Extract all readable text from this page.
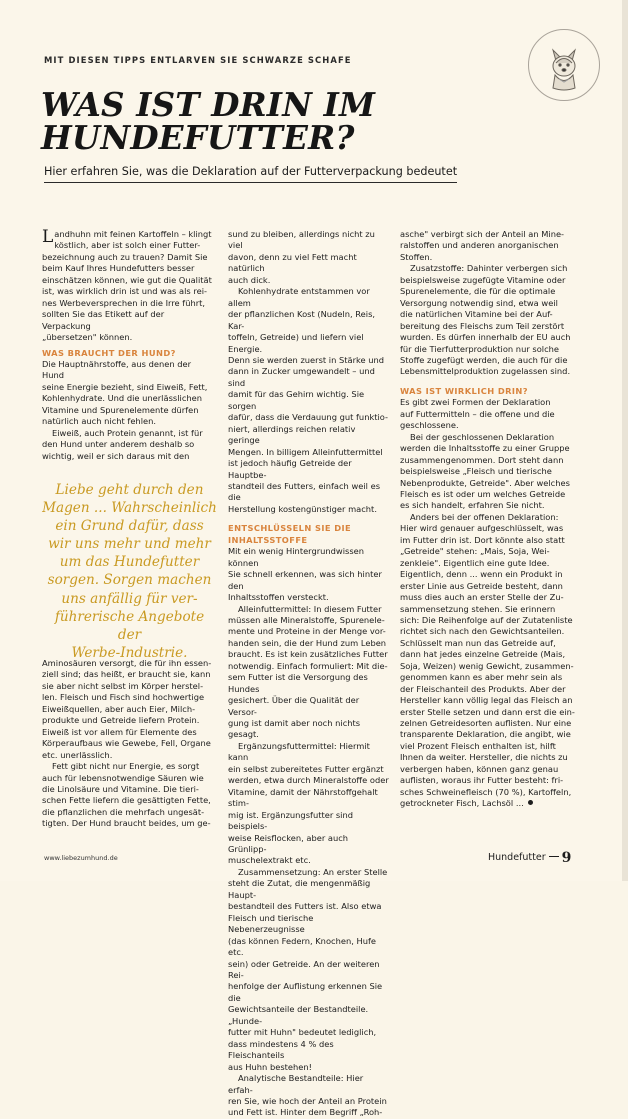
MIT DIESEN TIPPS ENTLARVEN SIE SCHWARZE SCHAFE
WAS IST DRIN IM
HUNDEFUTTER?
Hier erfahren Sie, was die Deklaration auf der Futterverpackung bedeutet

L andhuhn mit feinen Kartoffeln – klingt
köstlich, aber ist solch einer Futter-
bezeichnung auch zu trauen? Damit Sie
beim Kauf Ihres Hundefutters besser
einschätzen können, wie gut die Qualität
ist, was wirklich drin ist und was als rei-
nes Werbeversprechen in die Irre führt,
sollten Sie das Etikett auf der Verpackung
„übersetzen" können.

WAS BRAUCHT DER HUND?

Die Hauptnährstoffe, aus denen der Hund
seine Energie bezieht, sind Eiweiß, Fett,
Kohlenhydrate. Und die unerlässlichen
Vitamine und Spurenelemente dürfen
natürlich auch nicht fehlen.

Eiweiß, auch Protein genannt, ist für
den Hund unter anderem deshalb so
wichtig, weil er sich daraus mit den

Liebe geht durch den
Magen ... Wahrscheinlich
ein Grund dafür, dass
wir uns mehr und mehr
um das Hundefutter
sorgen. Sorgen machen
uns anfällig für ver-
führerische Angebote der
Werbe-Industrie.

Aminosäuren versorgt, die für ihn essen-
ziell sind; das heißt, er braucht sie, kann
sie aber nicht selbst im Körper herstel-
len. Fleisch und Fisch sind hochwertige
Eiweißquellen, aber auch Eier, Milch-
produkte und Getreide liefern Protein.
Eiweiß ist vor allem für Elemente des
Körperaufbaus wie Gewebe, Fell, Organe
etc. unerlässlich.

Fett gibt nicht nur Energie, es sorgt
auch für lebensnotwendige Säuren wie
die Linolsäure und Vitamine. Die tieri-
schen Fette liefern die gesättigten Fette,
die pflanzlichen die mehrfach ungesät-
tigten. Der Hund braucht beides, um ge-

sund zu bleiben, allerdings nicht zu viel
davon, denn zu viel Fett macht natürlich
auch dick.

Kohlenhydrate entstammen vor allem
der pflanzlichen Kost (Nudeln, Reis, Kar-
toffeln, Getreide) und liefern viel Energie.
Denn sie werden zuerst in Stärke und
dann in Zucker umgewandelt – und sind
damit für das Gehirn wichtig. Sie sorgen
dafür, dass die Verdauung gut funktio-
niert, allerdings reichen relativ geringe
Mengen. In billigem Alleinfuttermittel
ist jedoch häufig Getreide der Hauptbe-
standteil des Futters, einfach weil es die
Herstellung kostengünstiger macht.

ENTSCHLÜSSELN SIE DIE
INHALTSSTOFFE

Mit ein wenig Hintergrundwissen können
Sie schnell erkennen, was sich hinter den
Inhaltsstoffen versteckt.

Alleinfuttermittel: In diesem Futter
müssen alle Mineralstoffe, Spurenele-
mente und Proteine in der Menge vor-
handen sein, die der Hund zum Leben
braucht. Es ist kein zusätzliches Futter
notwendig. Einfach formuliert: Mit die-
sem Futter ist die Versorgung des Hundes
gesichert. Über die Qualität der Versor-
gung ist damit aber noch nichts gesagt.

Ergänzungsfuttermittel: Hiermit kann
ein selbst zubereitetes Futter ergänzt
werden, etwa durch Mineralstoffe oder
Vitamine, damit der Nährstoffgehalt stim-
mig ist. Ergänzungsfutter sind beispiels-
weise Reisflocken, aber auch Grünlipp-
muschelextrakt etc.

Zusammensetzung: An erster Stelle
steht die Zutat, die mengenmäßig Haupt-
bestandteil des Futters ist. Also etwa
Fleisch und tierische Nebenerzeugnisse
(das können Federn, Knochen, Hufe etc.
sein) oder Getreide. An der weiteren Rei-
henfolge der Auflistung erkennen Sie die
Gewichtsanteile der Bestandteile. „Hunde-
futter mit Huhn" bedeutet lediglich,
dass mindestens 4 % des Fleischanteils
aus Huhn bestehen!

Analytische Bestandteile: Hier erfah-
ren Sie, wie hoch der Anteil an Protein
und Fett ist. Hinter dem Begriff „Roh-

asche" verbirgt sich der Anteil an Mine-
ralstoffen und anderen anorganischen
Stoffen.

Zusatzstoffe: Dahinter verbergen sich
beispielsweise zugefügte Vitamine oder
Spurenelemente, die für die optimale
Versorgung notwendig sind, etwa weil
die natürlichen Vitamine bei der Auf-
bereitung des Fleischs zum Teil zerstört
wurden. Es dürfen innerhalb der EU auch
für die Tierfutterproduktion nur solche
Stoffe zugefügt werden, die auch für die
Lebensmittelproduktion zugelassen sind.

WAS IST WIRKLICH DRIN?

Es gibt zwei Formen der Deklaration
auf Futtermitteln – die offene und die
geschlossene.

Bei der geschlossenen Deklaration
werden die Inhaltsstoffe zu einer Gruppe
zusammengenommen. Dort steht dann
beispielsweise „Fleisch und tierische
Nebenprodukte, Getreide". Aber welches
Fleisch es ist oder um welches Getreide
es sich handelt, erfahren Sie nicht.

Anders bei der offenen Deklaration:
Hier wird genauer aufgeschlüsselt, was
im Futter drin ist. Dort könnte also statt
„Getreide" stehen: „Mais, Soja, Wei-
zenkleie". Eigentlich eine gute Idee.
Eigentlich, denn ... wenn ein Produkt in
erster Linie aus Getreide besteht, dann
muss dies auch an erster Stelle der Zu-
sammensetzung stehen. Sie erinnern
sich: Die Reihenfolge auf der Zutatenliste
richtet sich nach den Gewichtsanteilen.
Schlüsselt man nun das Getreide auf,
dann hat jedes einzelne Getreide (Mais,
Soja, Weizen) wenig Gewicht, zusammen-
genommen kann es aber mehr sein als
der Fleischanteil des Produkts. Aber der
Hersteller kann völlig legal das Fleisch an
erster Stelle setzen und dann erst die ein-
zelnen Getreidesorten auflisten. Nur eine
transparente Deklaration, die angibt, wie
viel Prozent Fleisch enthalten ist, hilft
Ihnen da weiter. Hersteller, die nichts zu
verbergen haben, können ganz genau
auflisten, woraus ihr Futter besteht: fri-
sches Schweinefleisch (70 %), Kartoffeln,
getrockneter Fisch, Lachsöl ...

www.liebezumhund.de	Hundefutter 9
